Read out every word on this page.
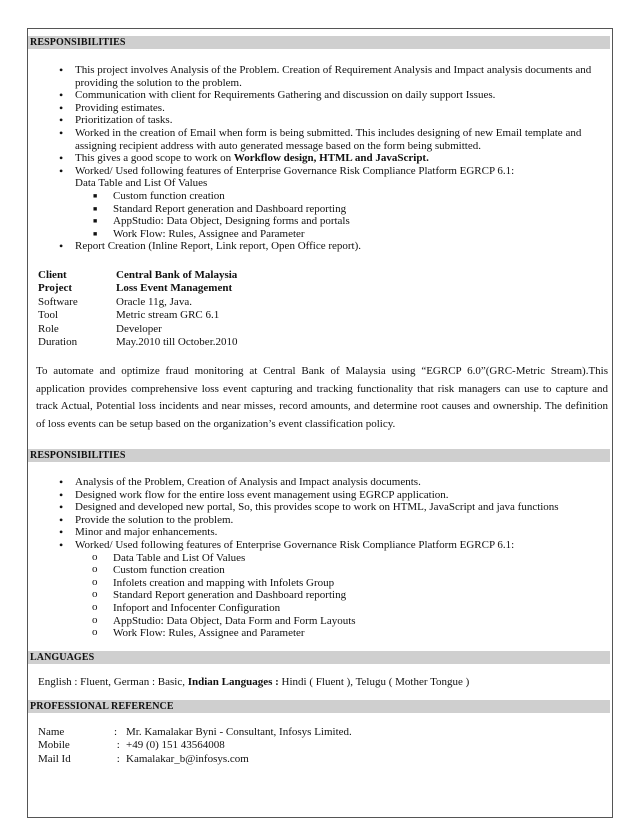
RESPONSIBILITIES
• This project involves Analysis of the Problem. Creation of Requirement Analysis and Impact analysis documents and providing the solution to the problem.
• Communication with client for Requirements Gathering and discussion on daily support Issues.
• Providing estimates.
• Prioritization of tasks.
• Worked in the creation of Email when form is being submitted. This includes designing of new Email template and assigning recipient address with auto generated message based on the form being submitted.
• This gives a good scope to work on Workflow design, HTML and JavaScript.
• Worked/ Used following features of Enterprise Governance Risk Compliance Platform EGRCP 6.1:
Data Table and List Of Values
■ Custom function creation
■ Standard Report generation and Dashboard reporting
■ AppStudio: Data Object, Designing forms and portals
■ Work Flow: Rules, Assignee and Parameter
• Report Creation (Inline Report, Link report, Open Office report).
Client	Central Bank of Malaysia
Project	Loss Event Management
Software	Oracle 11g, Java.
Tool	Metric stream GRC 6.1
Role	Developer
Duration	May.2010 till October.2010
To automate and optimize fraud monitoring at Central Bank of Malaysia using “EGRCP 6.0”(GRC-Metric Stream).This application provides comprehensive loss event capturing and tracking functionality that risk managers can use to capture and track Actual, Potential loss incidents and near misses, record amounts, and determine root causes and ownership. The definition of loss events can be setup based on the organization’s event classification policy.
RESPONSIBILITIES
• Analysis of the Problem, Creation of Analysis and Impact analysis documents.
• Designed work flow for the entire loss event management using EGRCP application.
• Designed and developed new portal, So, this provides scope to work on HTML, JavaScript and java functions
• Provide the solution to the problem.
• Minor and major enhancements.
• Worked/ Used following features of Enterprise Governance Risk Compliance Platform EGRCP 6.1:
o Data Table and List Of Values
o Custom function creation
o Infolets creation and mapping with Infolets Group
o Standard Report generation and Dashboard reporting
o Infoport and Infocenter Configuration
o AppStudio: Data Object, Data Form and Form Layouts
o Work Flow: Rules, Assignee and Parameter
LANGUAGES
English : Fluent, German : Basic, Indian Languages : Hindi ( Fluent ), Telugu ( Mother Tongue )
PROFESSIONAL REFERENCE
Name	: Mr. Kamalakar Byni - Consultant, Infosys Limited.
Mobile	: +49 (0) 151 43564008
Mail Id	: Kamalakar_b@infosys.com
